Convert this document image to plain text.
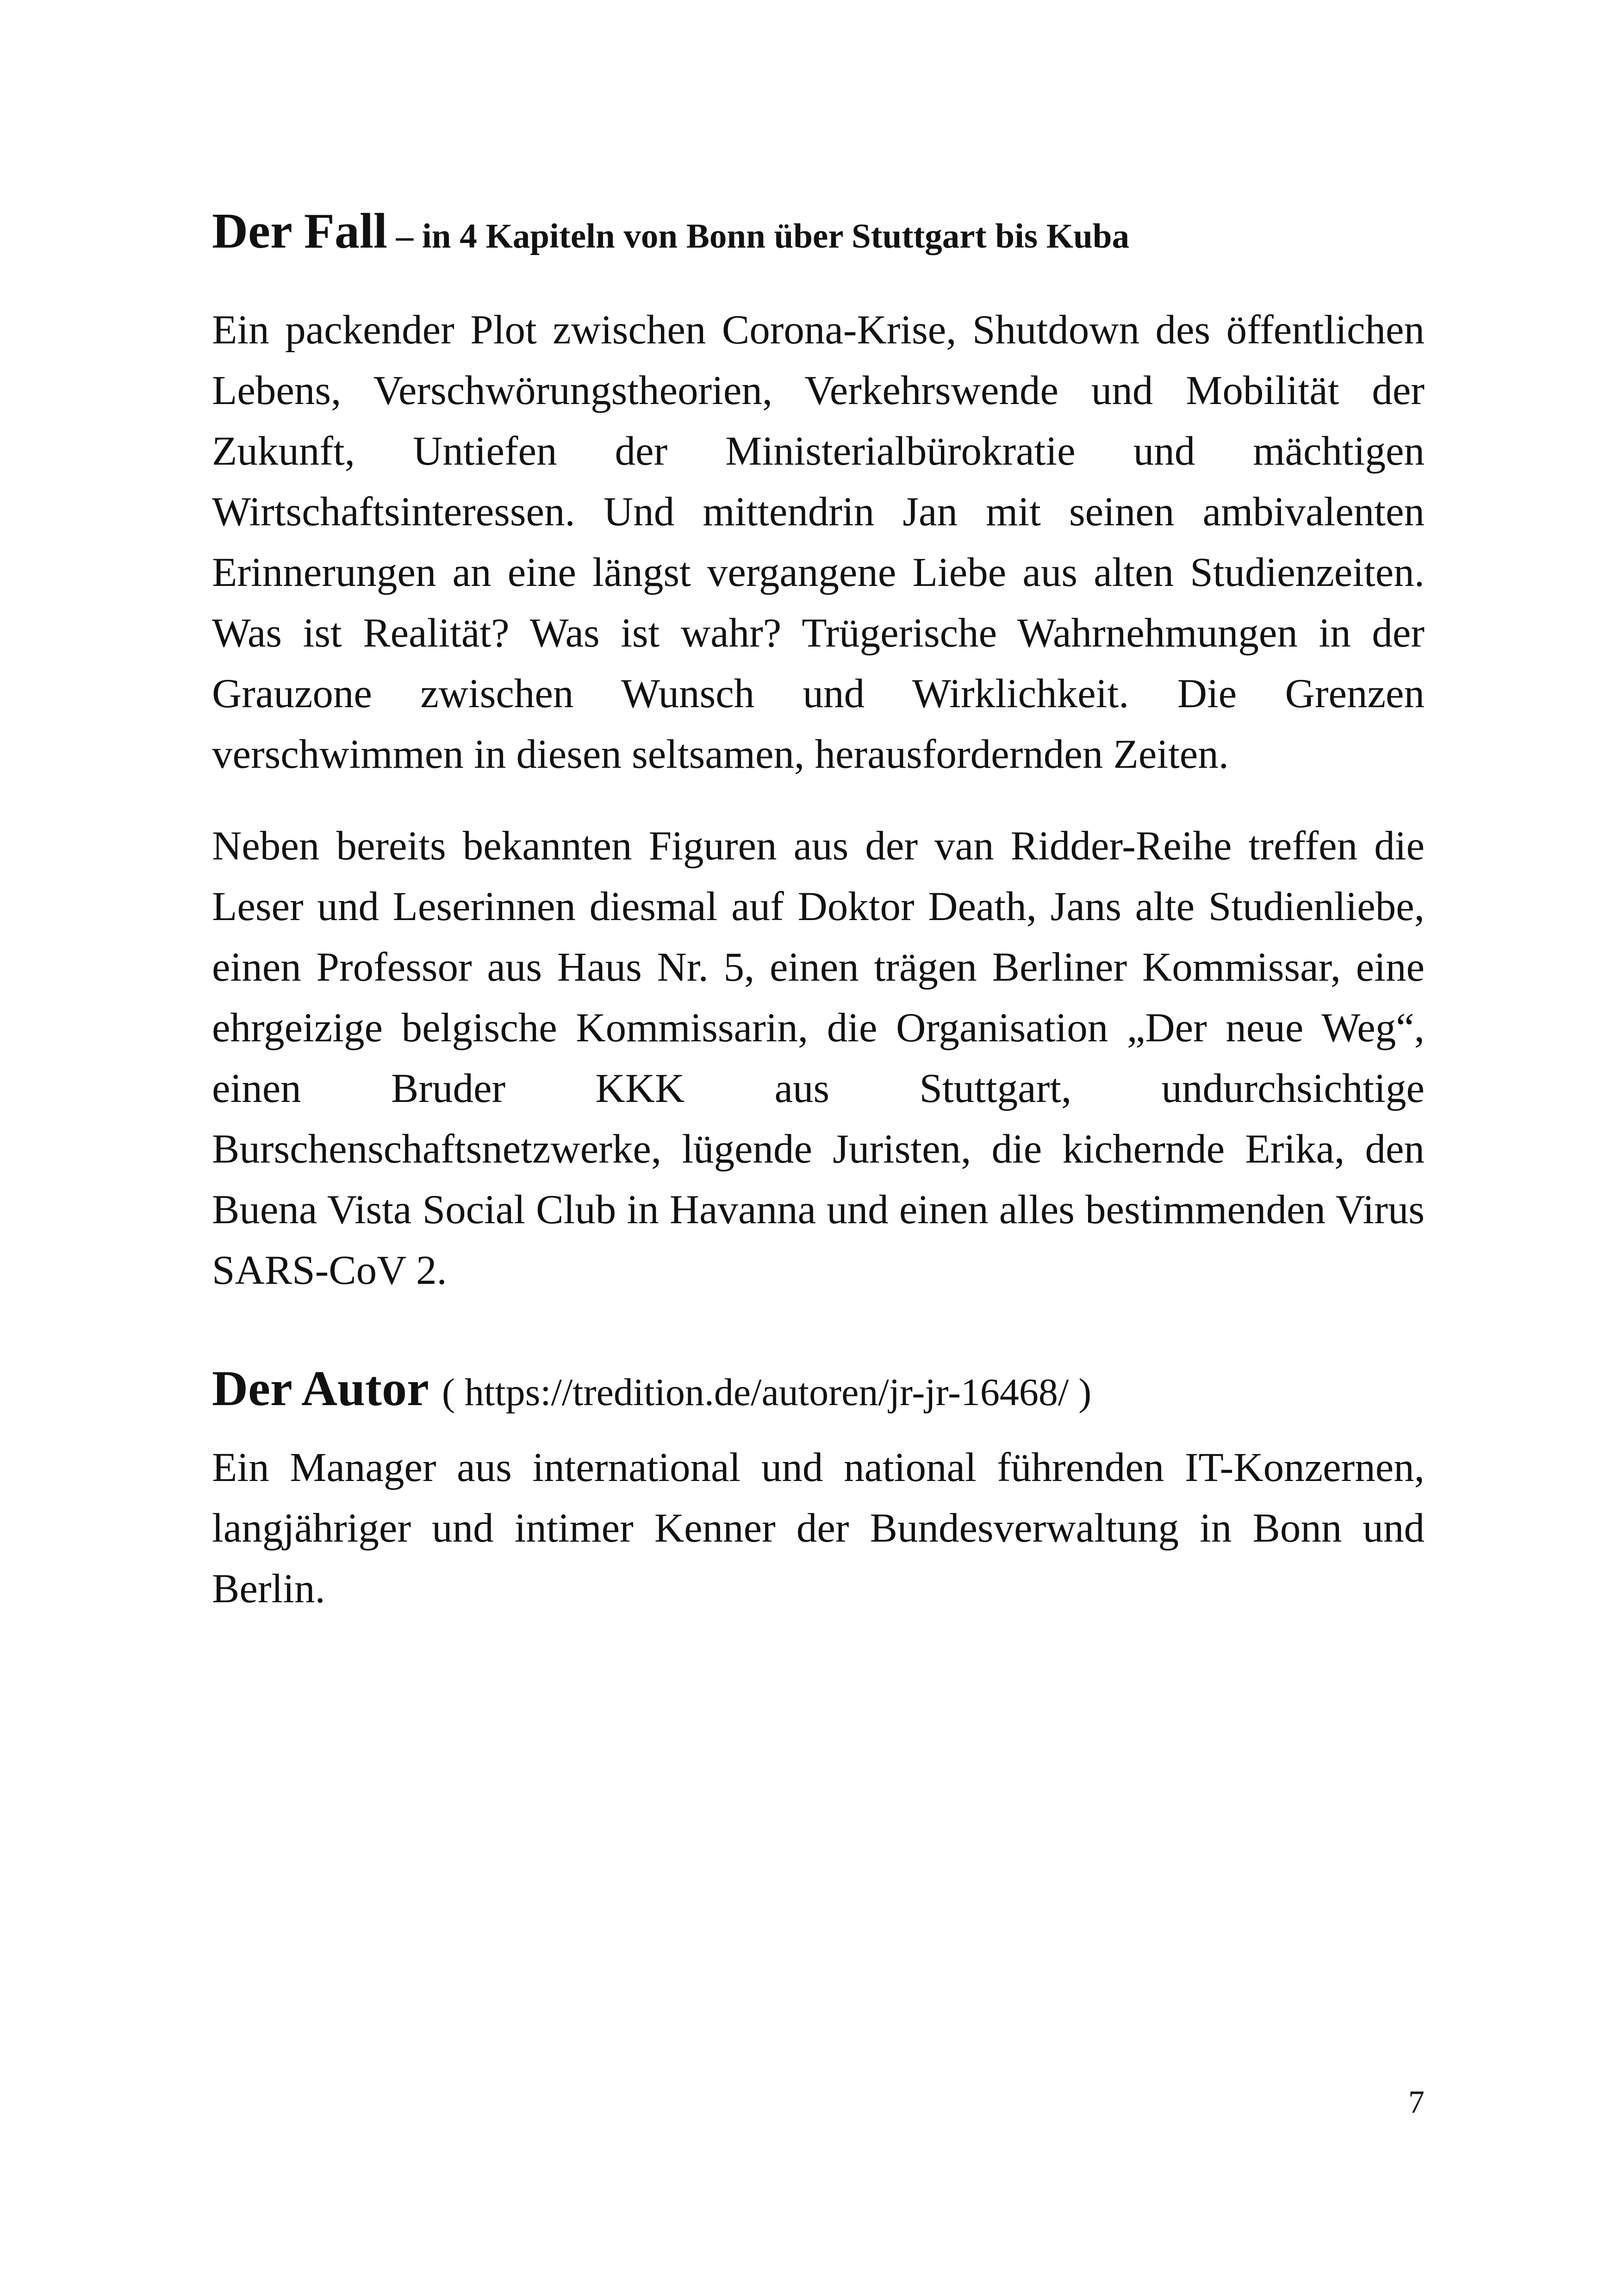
Der Fall – in 4 Kapiteln von Bonn über Stuttgart bis Kuba

Ein packender Plot zwischen Corona-Krise, Shutdown des öffentlichen Lebens, Verschwörungstheorien, Verkehrswende und Mobilität der Zukunft, Untiefen der Ministerialbürokratie und mächtigen Wirtschaftsinteressen. Und mittendrin Jan mit seinen ambivalenten Erinnerungen an eine längst vergangene Liebe aus alten Studienzeiten. Was ist Realität? Was ist wahr? Trügerische Wahrnehmungen in der Grauzone zwischen Wunsch und Wirklichkeit. Die Grenzen verschwimmen in diesen seltsamen, herausfordernden Zeiten.

Neben bereits bekannten Figuren aus der van Ridder-Reihe treffen die Leser und Leserinnen diesmal auf Doktor Death, Jans alte Studienliebe, einen Professor aus Haus Nr. 5, einen trägen Berliner Kommissar, eine ehrgeizige belgische Kommissarin, die Organisation „Der neue Weg“, einen Bruder KKK aus Stuttgart, undurchsichtige Burschenschaftsnetzwerke, lügende Juristen, die kichernde Erika, den Buena Vista Social Club in Havanna und einen alles bestimmenden Virus SARS-CoV 2.

Der Autor ( https://tredition.de/autoren/jr-jr-16468/ )

Ein Manager aus international und national führenden IT-Konzernen, langjähriger und intimer Kenner der Bundesverwaltung in Bonn und Berlin.

7
